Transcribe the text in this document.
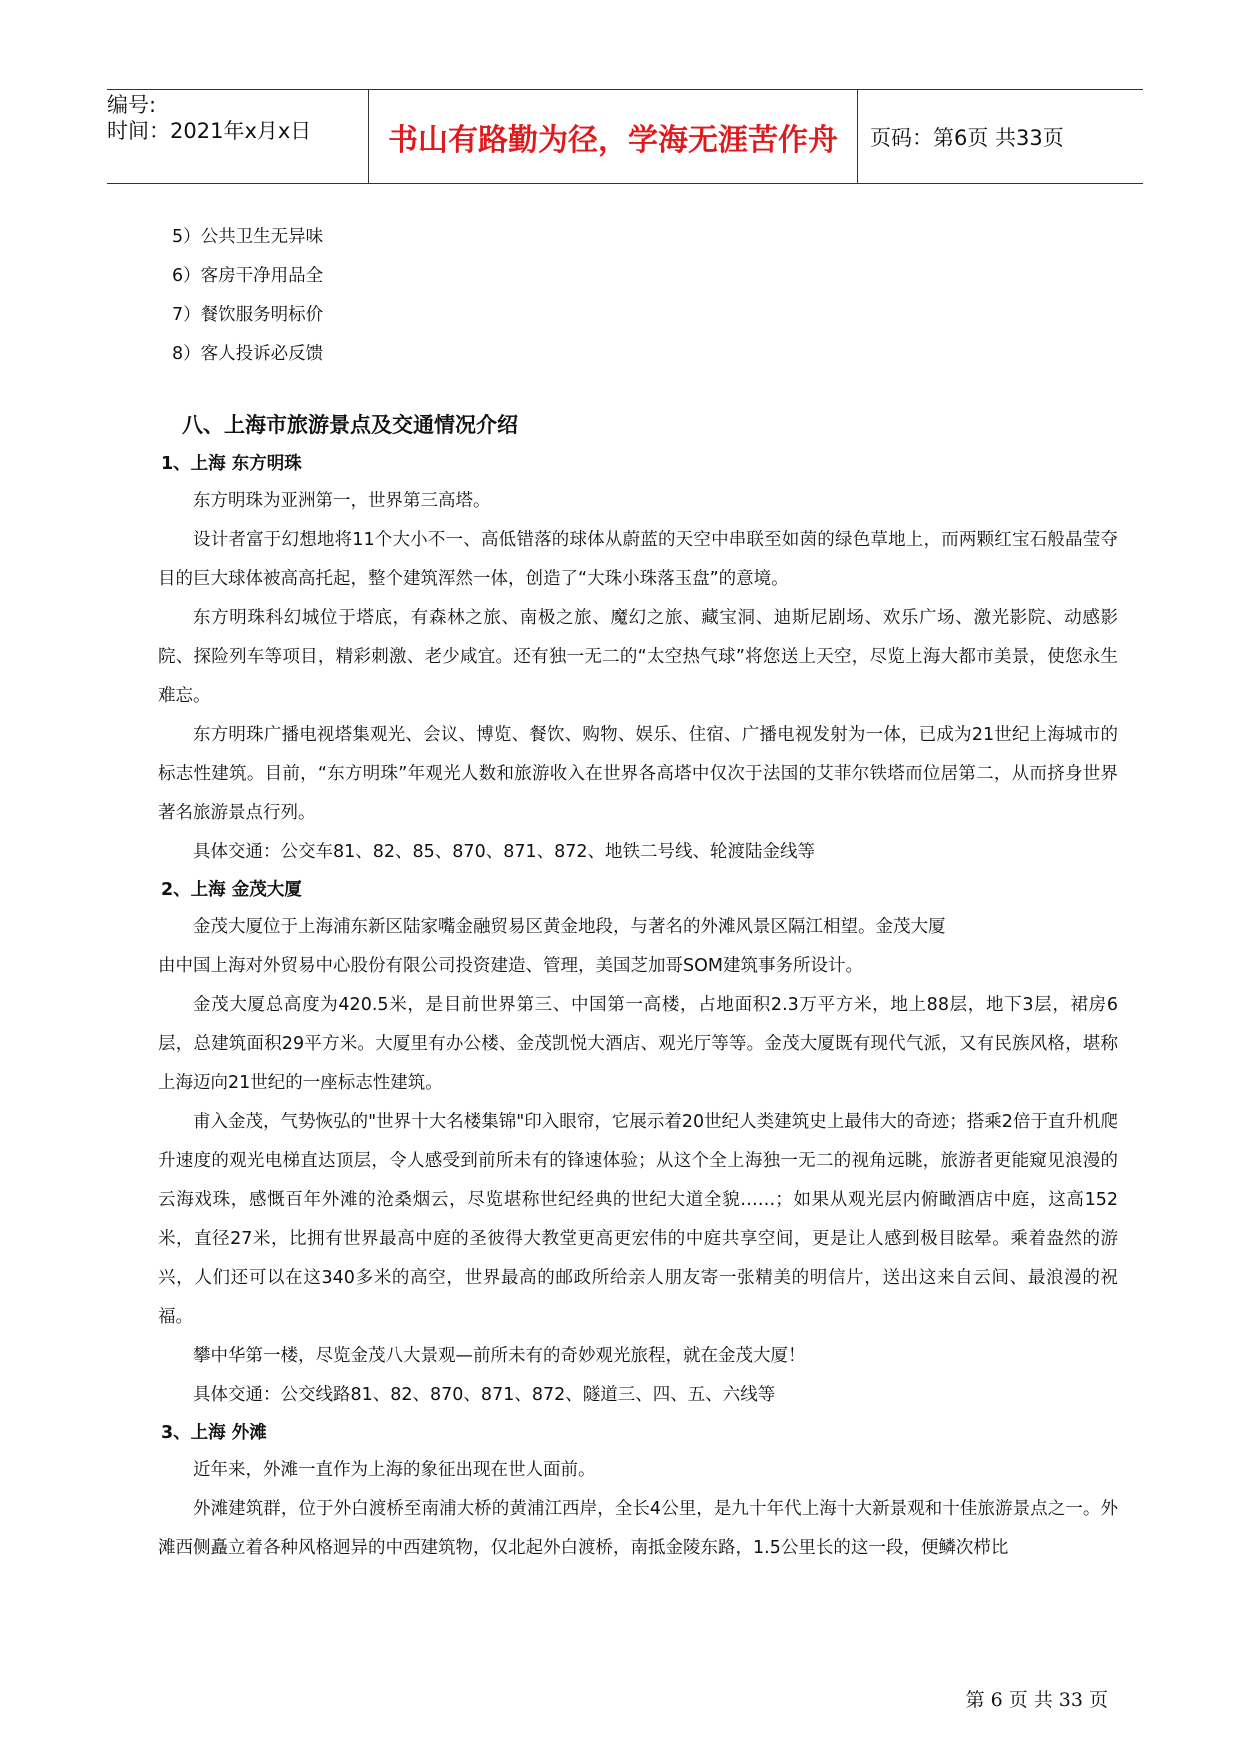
编号:
时间：2021年x月x日	书山有路勤为径，学海无涯苦作舟	页码：第6页 共33页
5）公共卫生无异味
6）客房干净用品全
7）餐饮服务明标价
8）客人投诉必反馈
八、上海市旅游景点及交通情况介绍
1、上海 东方明珠

东方明珠为亚洲第一，世界第三高塔。

设计者富于幻想地将11个大小不一、高低错落的球体从蔚蓝的天空中串联至如茵的绿色草地上，而两颗红宝石般晶莹夺目的巨大球体被高高托起，整个建筑浑然一体，创造了“大珠小珠落玉盘”的意境。

东方明珠科幻城位于塔底，有森林之旅、南极之旅、魔幻之旅、藏宝洞、迪斯尼剧场、欢乐广场、激光影院、动感影院、探险列车等项目，精彩刺激、老少咸宜。还有独一无二的“太空热气球”将您送上天空，尽览上海大都市美景，使您永生难忘。

东方明珠广播电视塔集观光、会议、博览、餐饮、购物、娱乐、住宿、广播电视发射为一体，已成为21世纪上海城市的标志性建筑。目前，“东方明珠”年观光人数和旅游收入在世界各高塔中仅次于法国的艾菲尔铁塔而位居第二，从而挤身世界著名旅游景点行列。

具体交通：公交车81、82、85、870、871、872、地铁二号线、轮渡陆金线等

2、上海 金茂大厦

金茂大厦位于上海浦东新区陆家嘴金融贸易区黄金地段，与著名的外滩风景区隔江相望。金茂大厦

由中国上海对外贸易中心股份有限公司投资建造、管理，美国芝加哥SOM建筑事务所设计。

金茂大厦总高度为420.5米，是目前世界第三、中国第一高楼，占地面积2.3万平方米，地上88层，地下3层，裙房6层，总建筑面积29平方米。大厦里有办公楼、金茂凯悦大酒店、观光厅等等。金茂大厦既有现代气派，又有民族风格，堪称上海迈向21世纪的一座标志性建筑。

甫入金茂，气势恢弘的"世界十大名楼集锦"印入眼帘，它展示着20世纪人类建筑史上最伟大的奇迹；搭乘2倍于直升机爬升速度的观光电梯直达顶层，令人感受到前所未有的锋速体验；从这个全上海独一无二的视角远眺，旅游者更能窥见浪漫的云海戏珠，感慨百年外滩的沧桑烟云，尽览堪称世纪经典的世纪大道全貌……；如果从观光层内俯瞰酒店中庭，这高152米，直径27米，比拥有世界最高中庭的圣彼得大教堂更高更宏伟的中庭共享空间，更是让人感到极目眩晕。乘着盎然的游兴，人们还可以在这340多米的高空，世界最高的邮政所给亲人朋友寄一张精美的明信片，送出这来自云间、最浪漫的祝福。

攀中华第一楼，尽览金茂八大景观—前所未有的奇妙观光旅程，就在金茂大厦！

具体交通：公交线路81、82、870、871、872、隧道三、四、五、六线等

3、上海 外滩

近年来，外滩一直作为上海的象征出现在世人面前。

外滩建筑群，位于外白渡桥至南浦大桥的黄浦江西岸，全长4公里，是九十年代上海十大新景观和十佳旅游景点之一。外滩西侧矗立着各种风格迥异的中西建筑物，仅北起外白渡桥，南抵金陵东路，1.5公里长的这一段，便鳞次栉比

第 6 页 共 33 页
